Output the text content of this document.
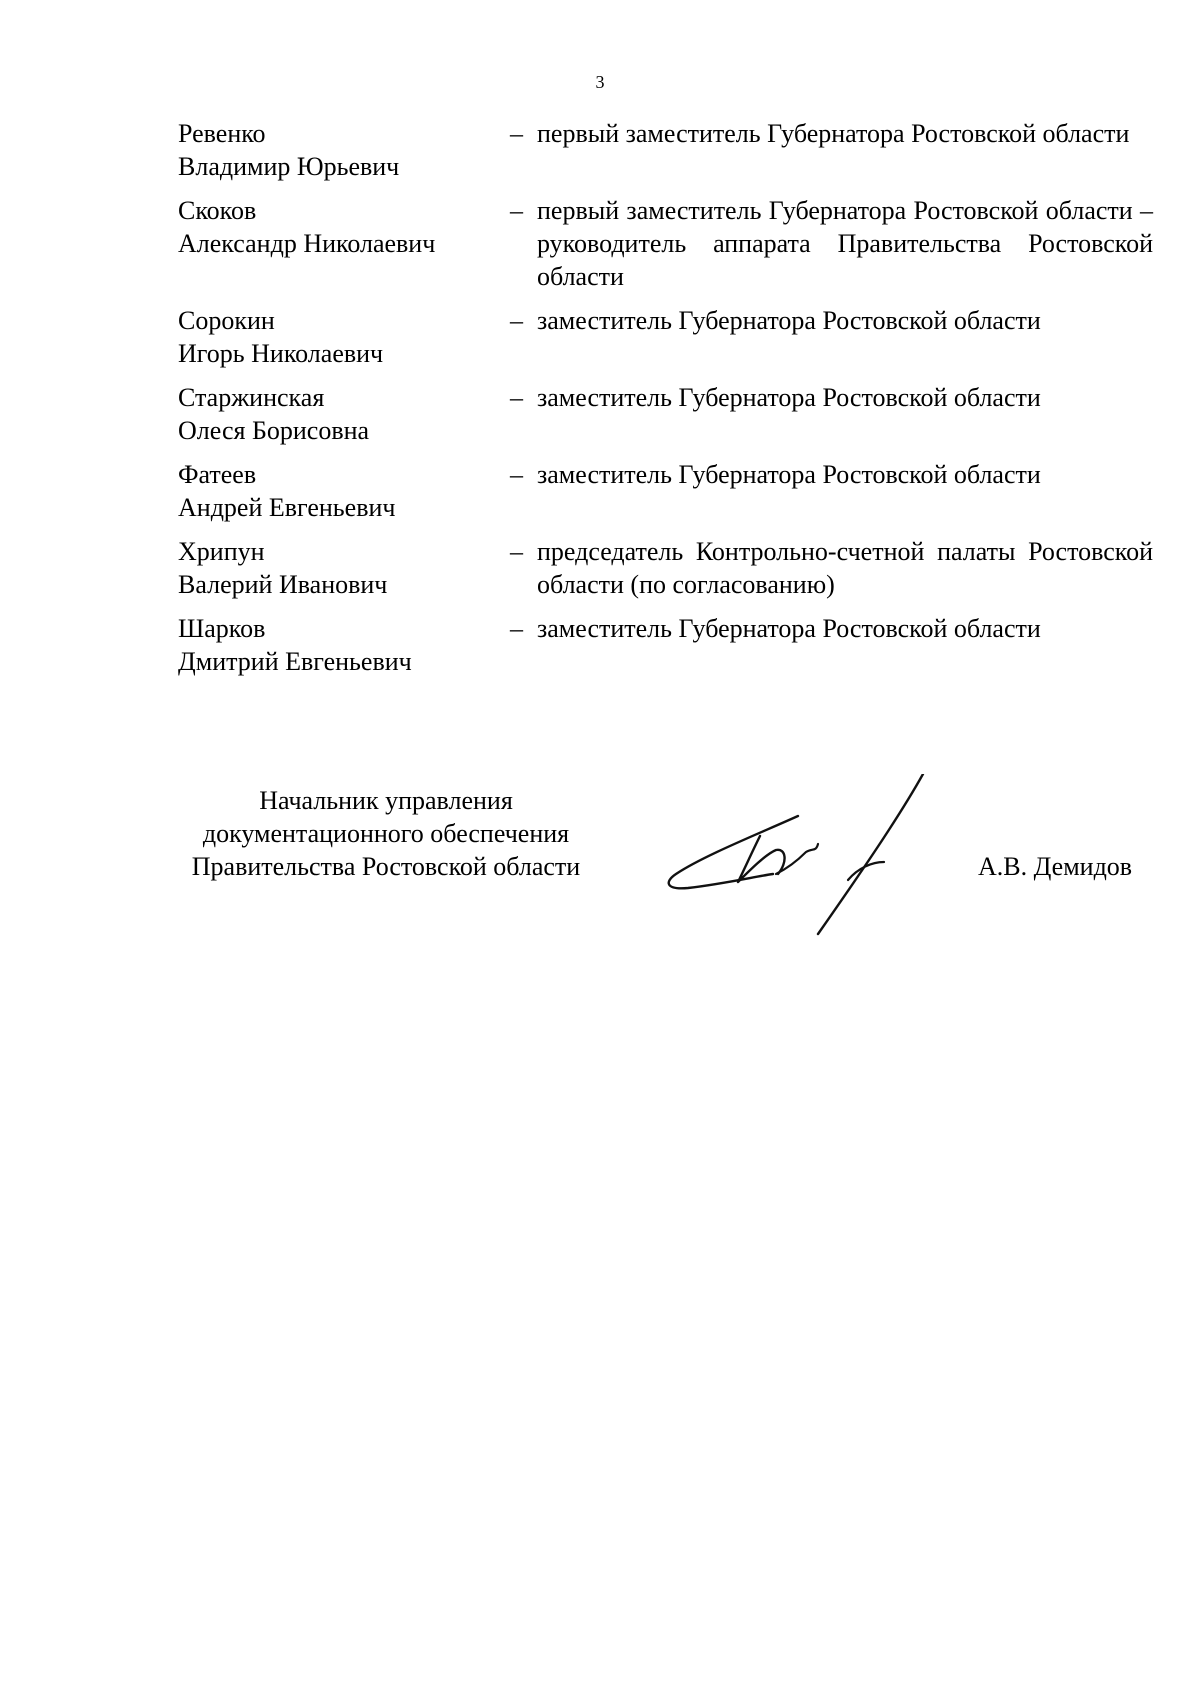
3
Ревенко
Владимир Юрьевич
– первый заместитель Губернатора Ростовской области
Скоков
Александр Николаевич
– первый заместитель Губернатора Ростовской области – руководитель аппарата Правительства Ростовской области
Сорокин
Игорь Николаевич
– заместитель Губернатора Ростовской области
Старжинская
Олеся Борисовна
– заместитель Губернатора Ростовской области
Фатеев
Андрей Евгеньевич
– заместитель Губернатора Ростовской области
Хрипун
Валерий Иванович
– председатель Контрольно-счетной палаты Ростовской области (по согласованию)
Шарков
Дмитрий Евгеньевич
– заместитель Губернатора Ростовской области
Начальник управления
документационного обеспечения
Правительства Ростовской области	А.В. Демидов
